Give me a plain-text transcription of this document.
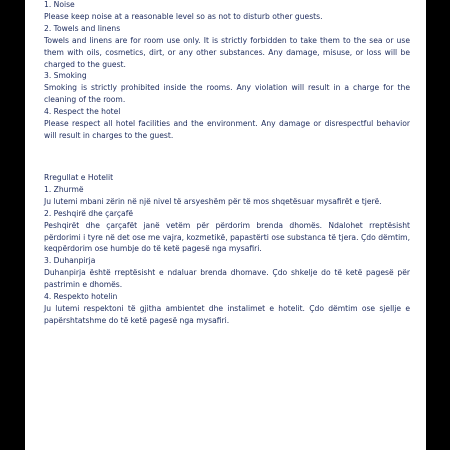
1. Noise
Please keep noise at a reasonable level so as not to disturb other guests.
2. Towels and linens
Towels and linens are for room use only. It is strictly forbidden to take them to the sea or use them with oils, cosmetics, dirt, or any other substances. Any damage, misuse, or loss will be charged to the guest.
3. Smoking
Smoking is strictly prohibited inside the rooms. Any violation will result in a charge for the cleaning of the room.
4. Respect the hotel
Please respect all hotel facilities and the environment. Any damage or disrespectful behavior will result in charges to the guest.
Rregullat e Hotelit
1. Zhurmë
Ju lutemi mbani zërin në një nivel të arsyeshëm për të mos shqetësuar mysafirët e tjerë.
2. Peshqirë dhe çarçafë
Peshqirët dhe çarçafët janë vetëm për përdorim brenda dhomës. Ndalohet rreptësisht përdorimi i tyre në det ose me vajra, kozmetikë, papastërti ose substanca të tjera. Çdo dëmtim, keqpërdorim ose humbje do të ketë pagesë nga mysafiri.
3. Duhanpirja
Duhanpirja është rreptësisht e ndaluar brenda dhomave. Çdo shkelje do të ketë pagesë për pastrimin e dhomës.
4. Respekto hotelin
Ju lutemi respektoni të gjitha ambientet dhe instalimet e hotelit. Çdo dëmtim ose sjellje e papërshtatshme do të ketë pagesë nga mysafiri.
